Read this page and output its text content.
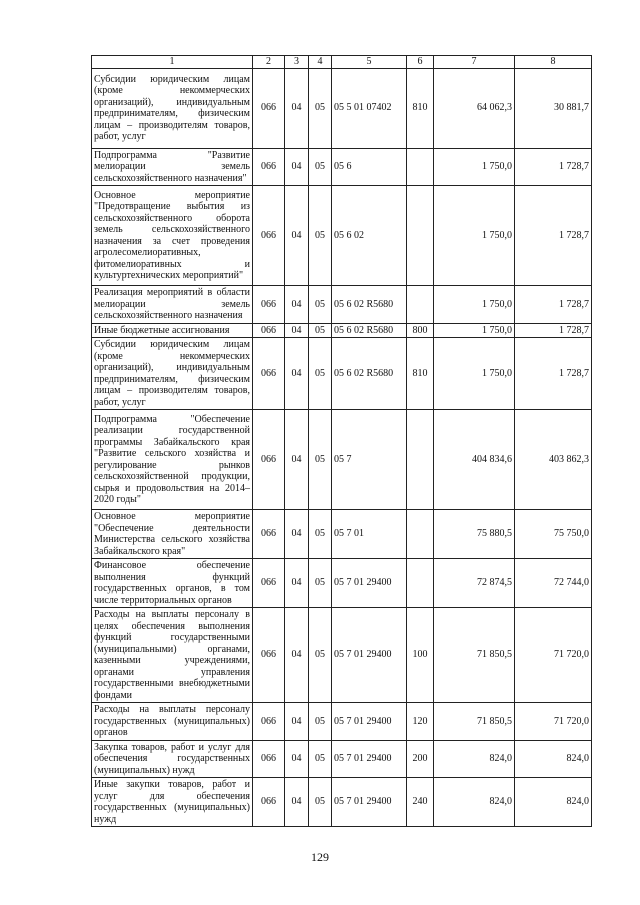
1	2	3	4	5	6	7	8
Субсидии юридическим лицам (кроме некоммерческих организаций), индивидуальным предпринимателям, физическим лицам – производителям товаров, работ, услуг	066	04	05	05 5 01 07402	810	64 062,3	30 881,7
Подпрограмма "Развитие мелиорации земель сельскохозяйственного назначения"	066	04	05	05 6		1 750,0	1 728,7
Основное мероприятие "Предотвращение выбытия из сельскохозяйственного оборота земель сельскохозяйственного назначения за счет проведения агролесомелиоративных, фитомелиоративных и культуртехнических мероприятий"	066	04	05	05 6 02		1 750,0	1 728,7
Реализация мероприятий в области мелиорации земель сельскохозяйственного назначения	066	04	05	05 6 02 R5680		1 750,0	1 728,7
Иные бюджетные ассигнования	066	04	05	05 6 02 R5680	800	1 750,0	1 728,7
Субсидии юридическим лицам (кроме некоммерческих организаций), индивидуальным предпринимателям, физическим лицам – производителям товаров, работ, услуг	066	04	05	05 6 02 R5680	810	1 750,0	1 728,7
Подпрограмма "Обеспечение реализации государственной программы Забайкальского края "Развитие сельского хозяйства и регулирование рынков сельскохозяйственной продукции, сырья и продовольствия на 2014–2020 годы"	066	04	05	05 7		404 834,6	403 862,3
Основное мероприятие "Обеспечение деятельности Министерства сельского хозяйства Забайкальского края"	066	04	05	05 7 01		75 880,5	75 750,0
Финансовое обеспечение выполнения функций государственных органов, в том числе территориальных органов	066	04	05	05 7 01 29400		72 874,5	72 744,0
Расходы на выплаты персоналу в целях обеспечения выполнения функций государственными (муниципальными) органами, казенными учреждениями, органами управления государственными внебюджетными фондами	066	04	05	05 7 01 29400	100	71 850,5	71 720,0
Расходы на выплаты персоналу государственных (муниципальных) органов	066	04	05	05 7 01 29400	120	71 850,5	71 720,0
Закупка товаров, работ и услуг для обеспечения государственных (муниципальных) нужд	066	04	05	05 7 01 29400	200	824,0	824,0
Иные закупки товаров, работ и услуг для обеспечения государственных (муниципальных) нужд	066	04	05	05 7 01 29400	240	824,0	824,0
129
